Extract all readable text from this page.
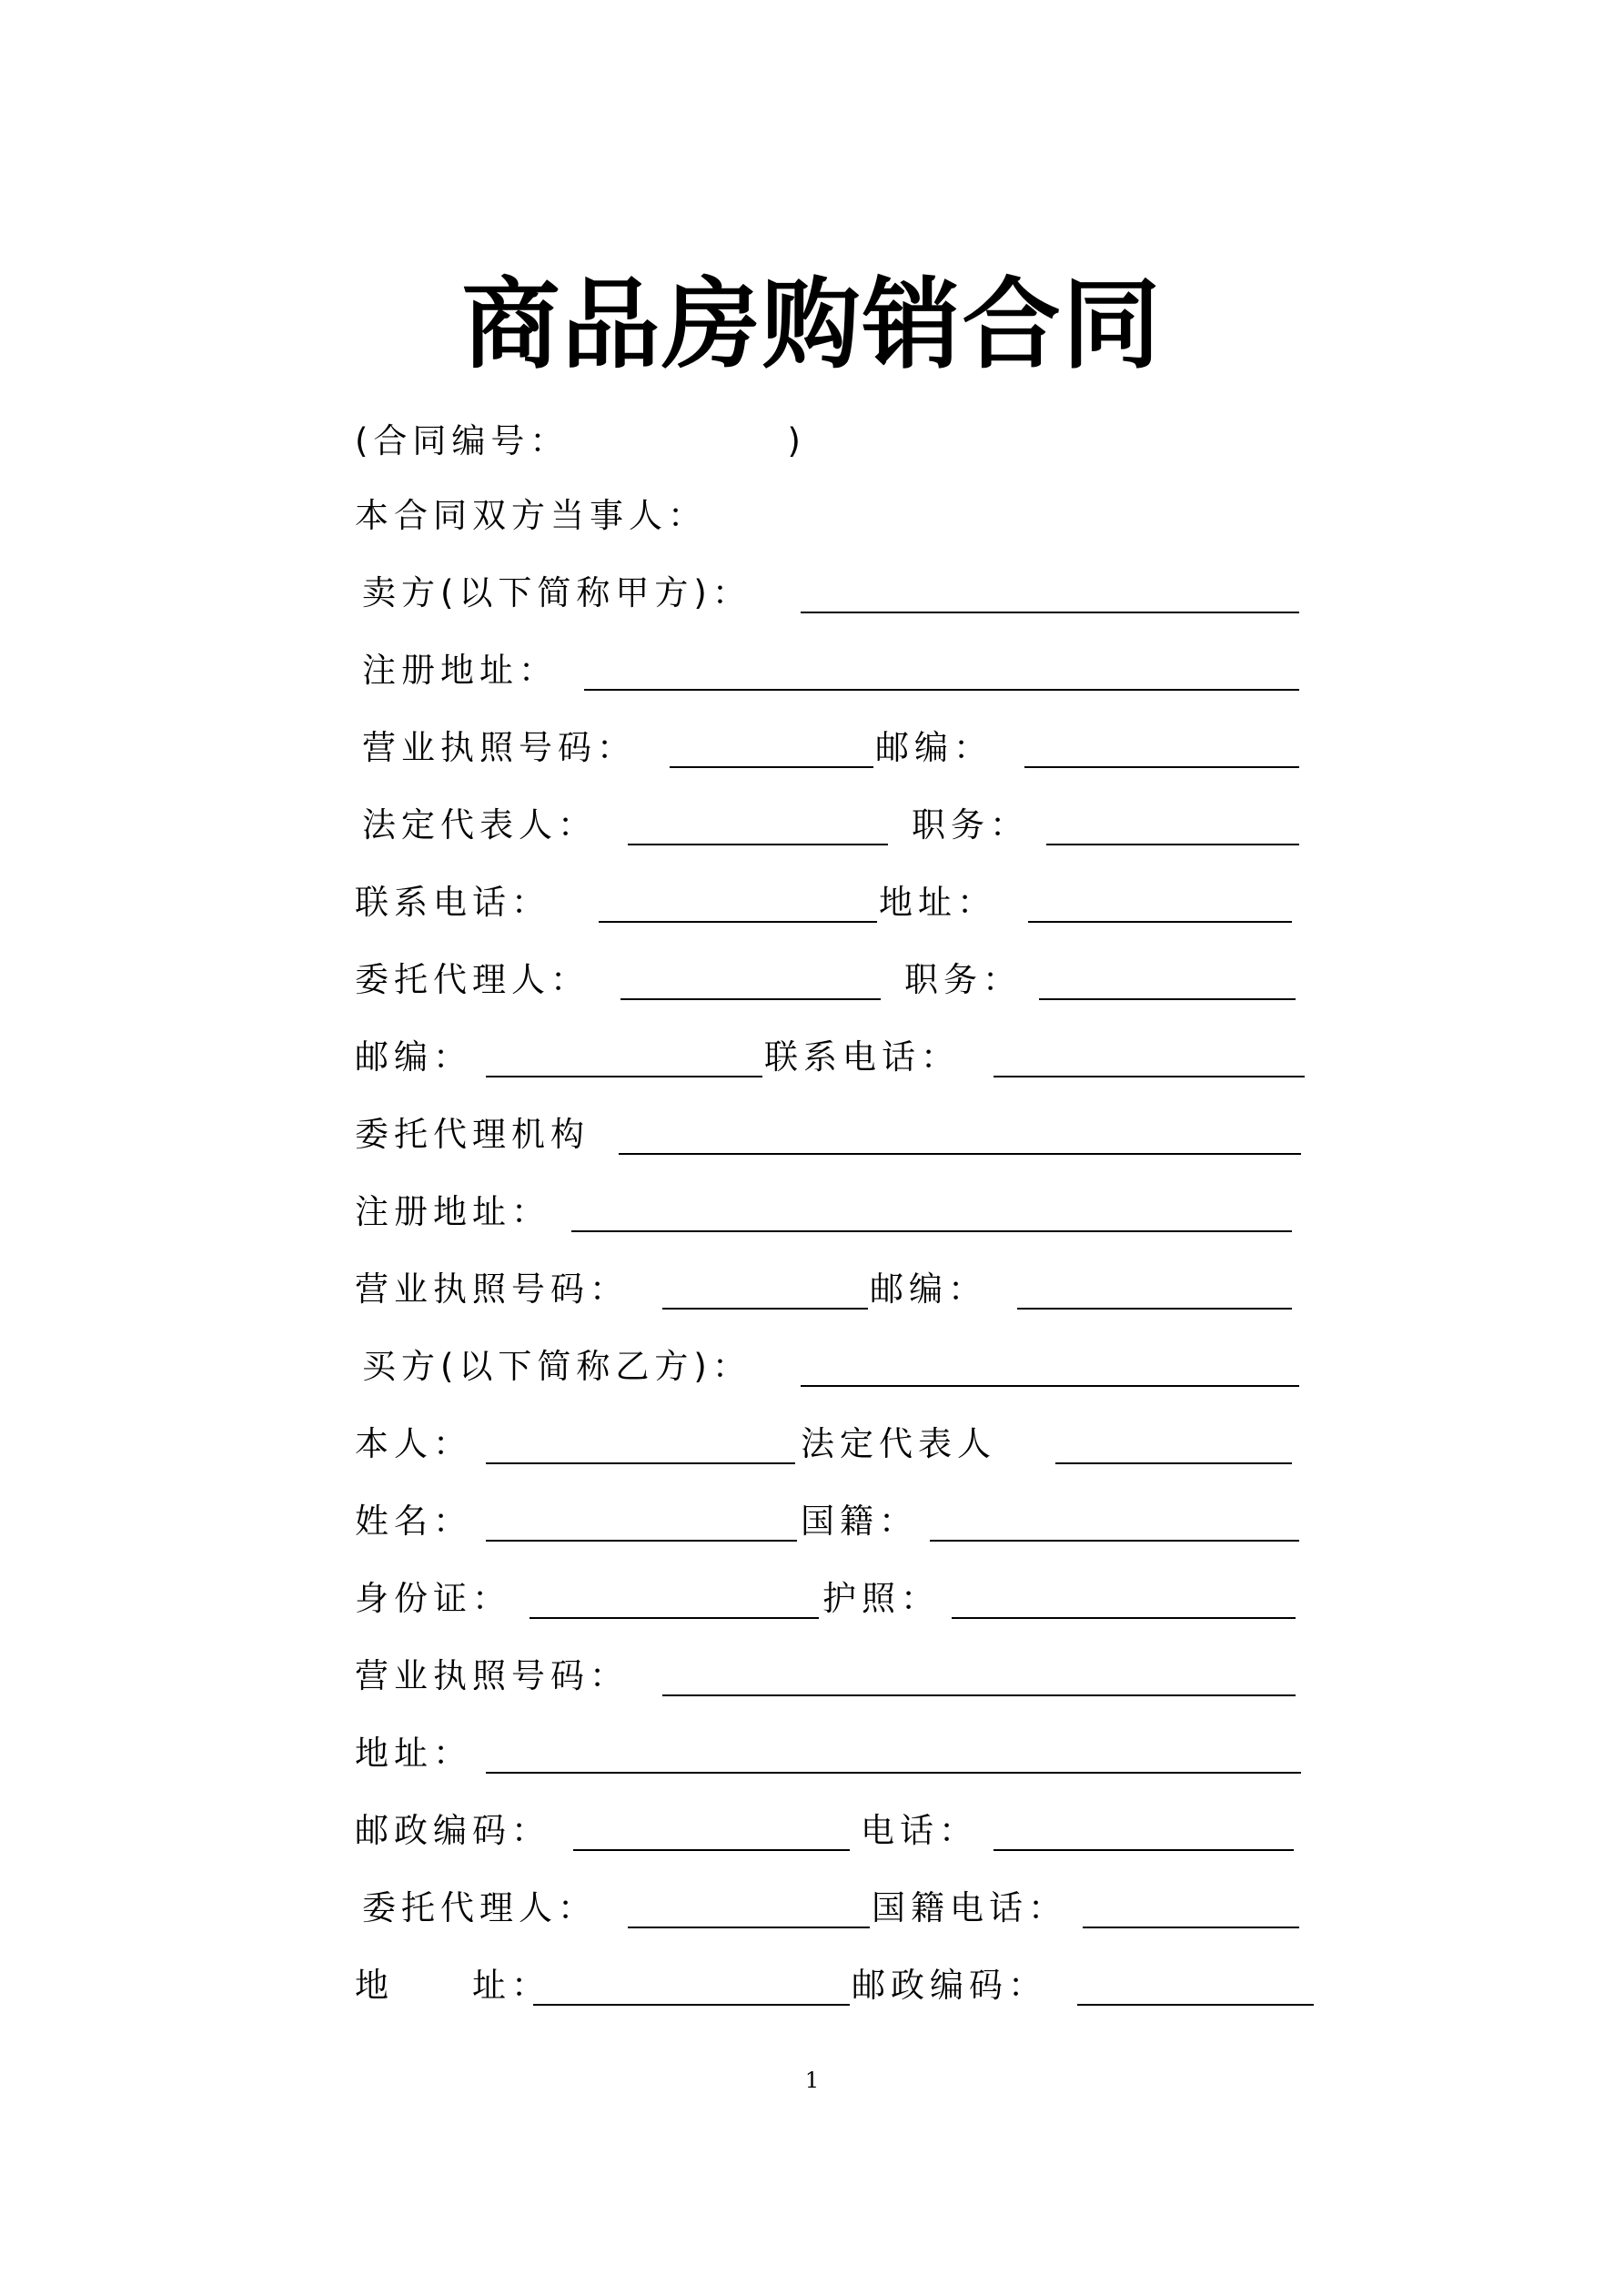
商品房购销合同
(合同编号：	)
本合同双方当事人：
卖方(以下简称甲方)：
注册地址：
营业执照号码：	邮编：
法定代表人：	职务：
联系电话：	地址：
委托代理人：	职务：
邮编：	联系电话：
委托代理机构
注册地址：
营业执照号码：	邮编：
买方(以下简称乙方)：
本人：	法定代表人
姓名：	国籍：
身份证：	护照：
营业执照号码：
地址：
邮政编码：	电话：
委托代理人：	国籍电话：
地　　址：	邮政编码：
1
